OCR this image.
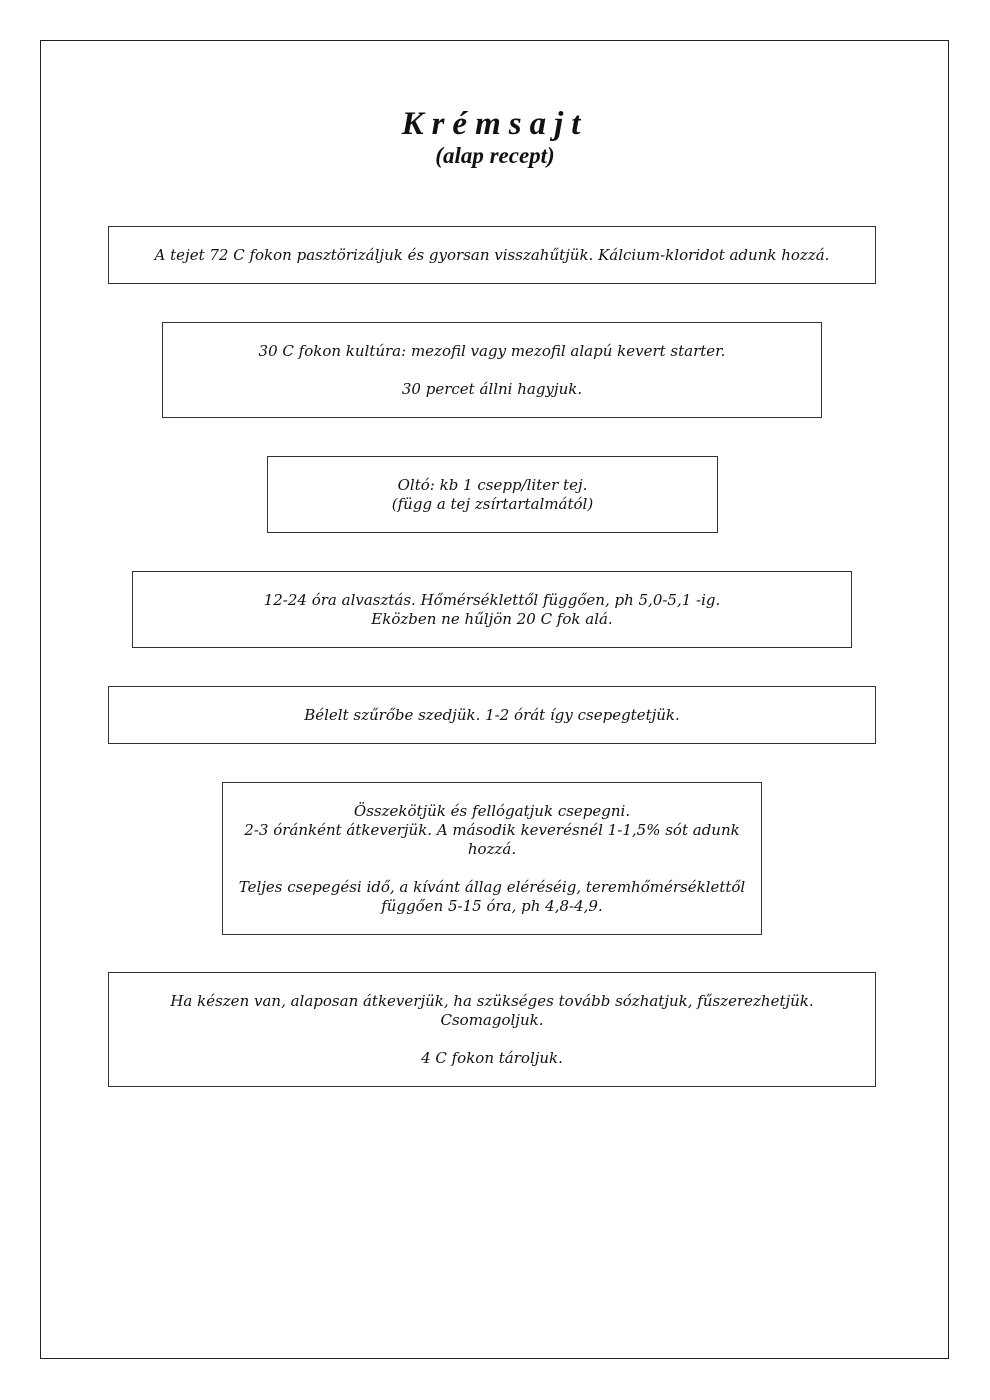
Krémsajt
(alap recept)

A tejet 72 C fokon pasztörizáljuk és gyorsan visszahűtjük. Kálcium-kloridot adunk hozzá.

30 C fokon kultúra: mezofil vagy mezofil alapú kevert starter.

30 percet állni hagyjuk.

Oltó: kb 1 csepp/liter tej.

(függ a tej zsírtartalmától)

12-24 óra alvasztás. Hőmérséklettől függően, ph 5,0-5,1 -ig.

Eközben ne hűljön 20 C fok alá.

Bélelt szűrőbe szedjük. 1-2 órát így csepegtetjük.

Összekötjük és fellógatjuk csepegni.

2-3 óránként átkeverjük. A második keverésnél 1-1,5% sót adunk hozzá.

Teljes csepegési idő, a kívánt állag eléréséig, teremhőmérséklettől függően 5-15 óra, ph 4,8-4,9.

Ha készen van, alaposan átkeverjük, ha szükséges tovább sózhatjuk, fűszerezhetjük.

Csomagoljuk.

4 C fokon tároljuk.
